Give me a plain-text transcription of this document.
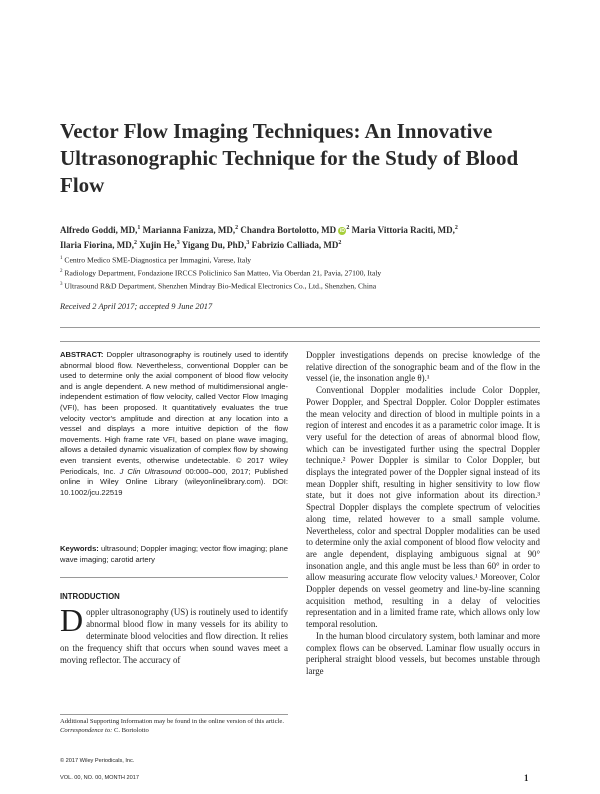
Vector Flow Imaging Techniques: An Innovative Ultrasonographic Technique for the Study of Blood Flow
Alfredo Goddi, MD,$^1$ Marianna Fanizza, MD,$^2$ Chandra Bortolotto, MD iD $^2$ Maria Vittoria Raciti, MD,$^2$
Ilaria Fiorina, MD,$^2$ Xujin He,$^3$ Yigang Du, PhD,$^3$ Fabrizio Calliada, $MD^2$
$^1$ Centro Medico SME-Diagnostica per Immagini, Varese, Italy
$^2$ Radiology Department, Fondazione IRCCS Policlinico San Matteo, Via Oberdan 21, Pavia, 27100, Italy
$^3$ Ultrasound R&D Department, Shenzhen Mindray Bio-Medical Electronics Co., Ltd., Shenzhen, China
Received 2 April 2017; accepted 9 June 2017
ABSTRACT: Doppler ultrasonography is routinely used to identify abnormal blood flow. Nevertheless, conventional Doppler can be used to determine only the axial component of blood flow velocity and is angle dependent. A new method of multidimensional angle-independent estimation of flow velocity, called Vector Flow Imaging (VFI), has been proposed. It quantitatively evaluates the true velocity vector's amplitude and direction at any location into a vessel and displays a more intuitive depiction of the flow movements. High frame rate VFI, based on plane wave imaging, allows a detailed dynamic visualization of complex flow by showing even transient events, otherwise undetectable. © 2017 Wiley Periodicals, Inc. J Clin Ultrasound 00:000–000, 2017; Published online in Wiley Online Library (wileyonlinelibrary.com). DOI: 10.1002/jcu.22519
Keywords: ultrasound; Doppler imaging; vector flow imaging; plane wave imaging; carotid artery
INTRODUCTION
Doppler ultrasonography (US) is routinely used to identify abnormal blood flow in many vessels for its ability to determinate blood velocities and flow direction. It relies on the frequency shift that occurs when sound waves meet a moving reflector. The accuracy of
Additional Supporting Information may be found in the online version of this article.
Correspondence to: C. Bortolotto
© 2017 Wiley Periodicals, Inc.

Doppler investigations depends on precise knowledge of the relative direction of the sonographic beam and of the flow in the vessel (ie, the insonation angle θ).¹

Conventional Doppler modalities include Color Doppler, Power Doppler, and Spectral Doppler. Color Doppler estimates the mean velocity and direction of blood in multiple points in a region of interest and encodes it as a parametric color image. It is very useful for the detection of areas of abnormal blood flow, which can be investigated further using the spectral Doppler technique.² Power Doppler is similar to Color Doppler, but displays the integrated power of the Doppler signal instead of its mean Doppler shift, resulting in higher sensitivity to low flow state, but it does not give information about its direction.³ Spectral Doppler displays the complete spectrum of velocities along time, related however to a small sample volume. Nevertheless, color and spectral Doppler modalities can be used to determine only the axial component of blood flow velocity and are angle dependent, displaying ambiguous signal at 90° insonation angle, and this angle must be less than 60° in order to allow measuring accurate flow velocity values.¹ Moreover, Color Doppler depends on vessel geometry and line-by-line scanning acquisition method, resulting in a delay of velocities representation and in a limited frame rate, which allows only low temporal resolution.

In the human blood circulatory system, both laminar and more complex flows can be observed. Laminar flow usually occurs in peripheral straight blood vessels, but becomes unstable through large

VOL. 00, NO. 00, MONTH 2017	1
